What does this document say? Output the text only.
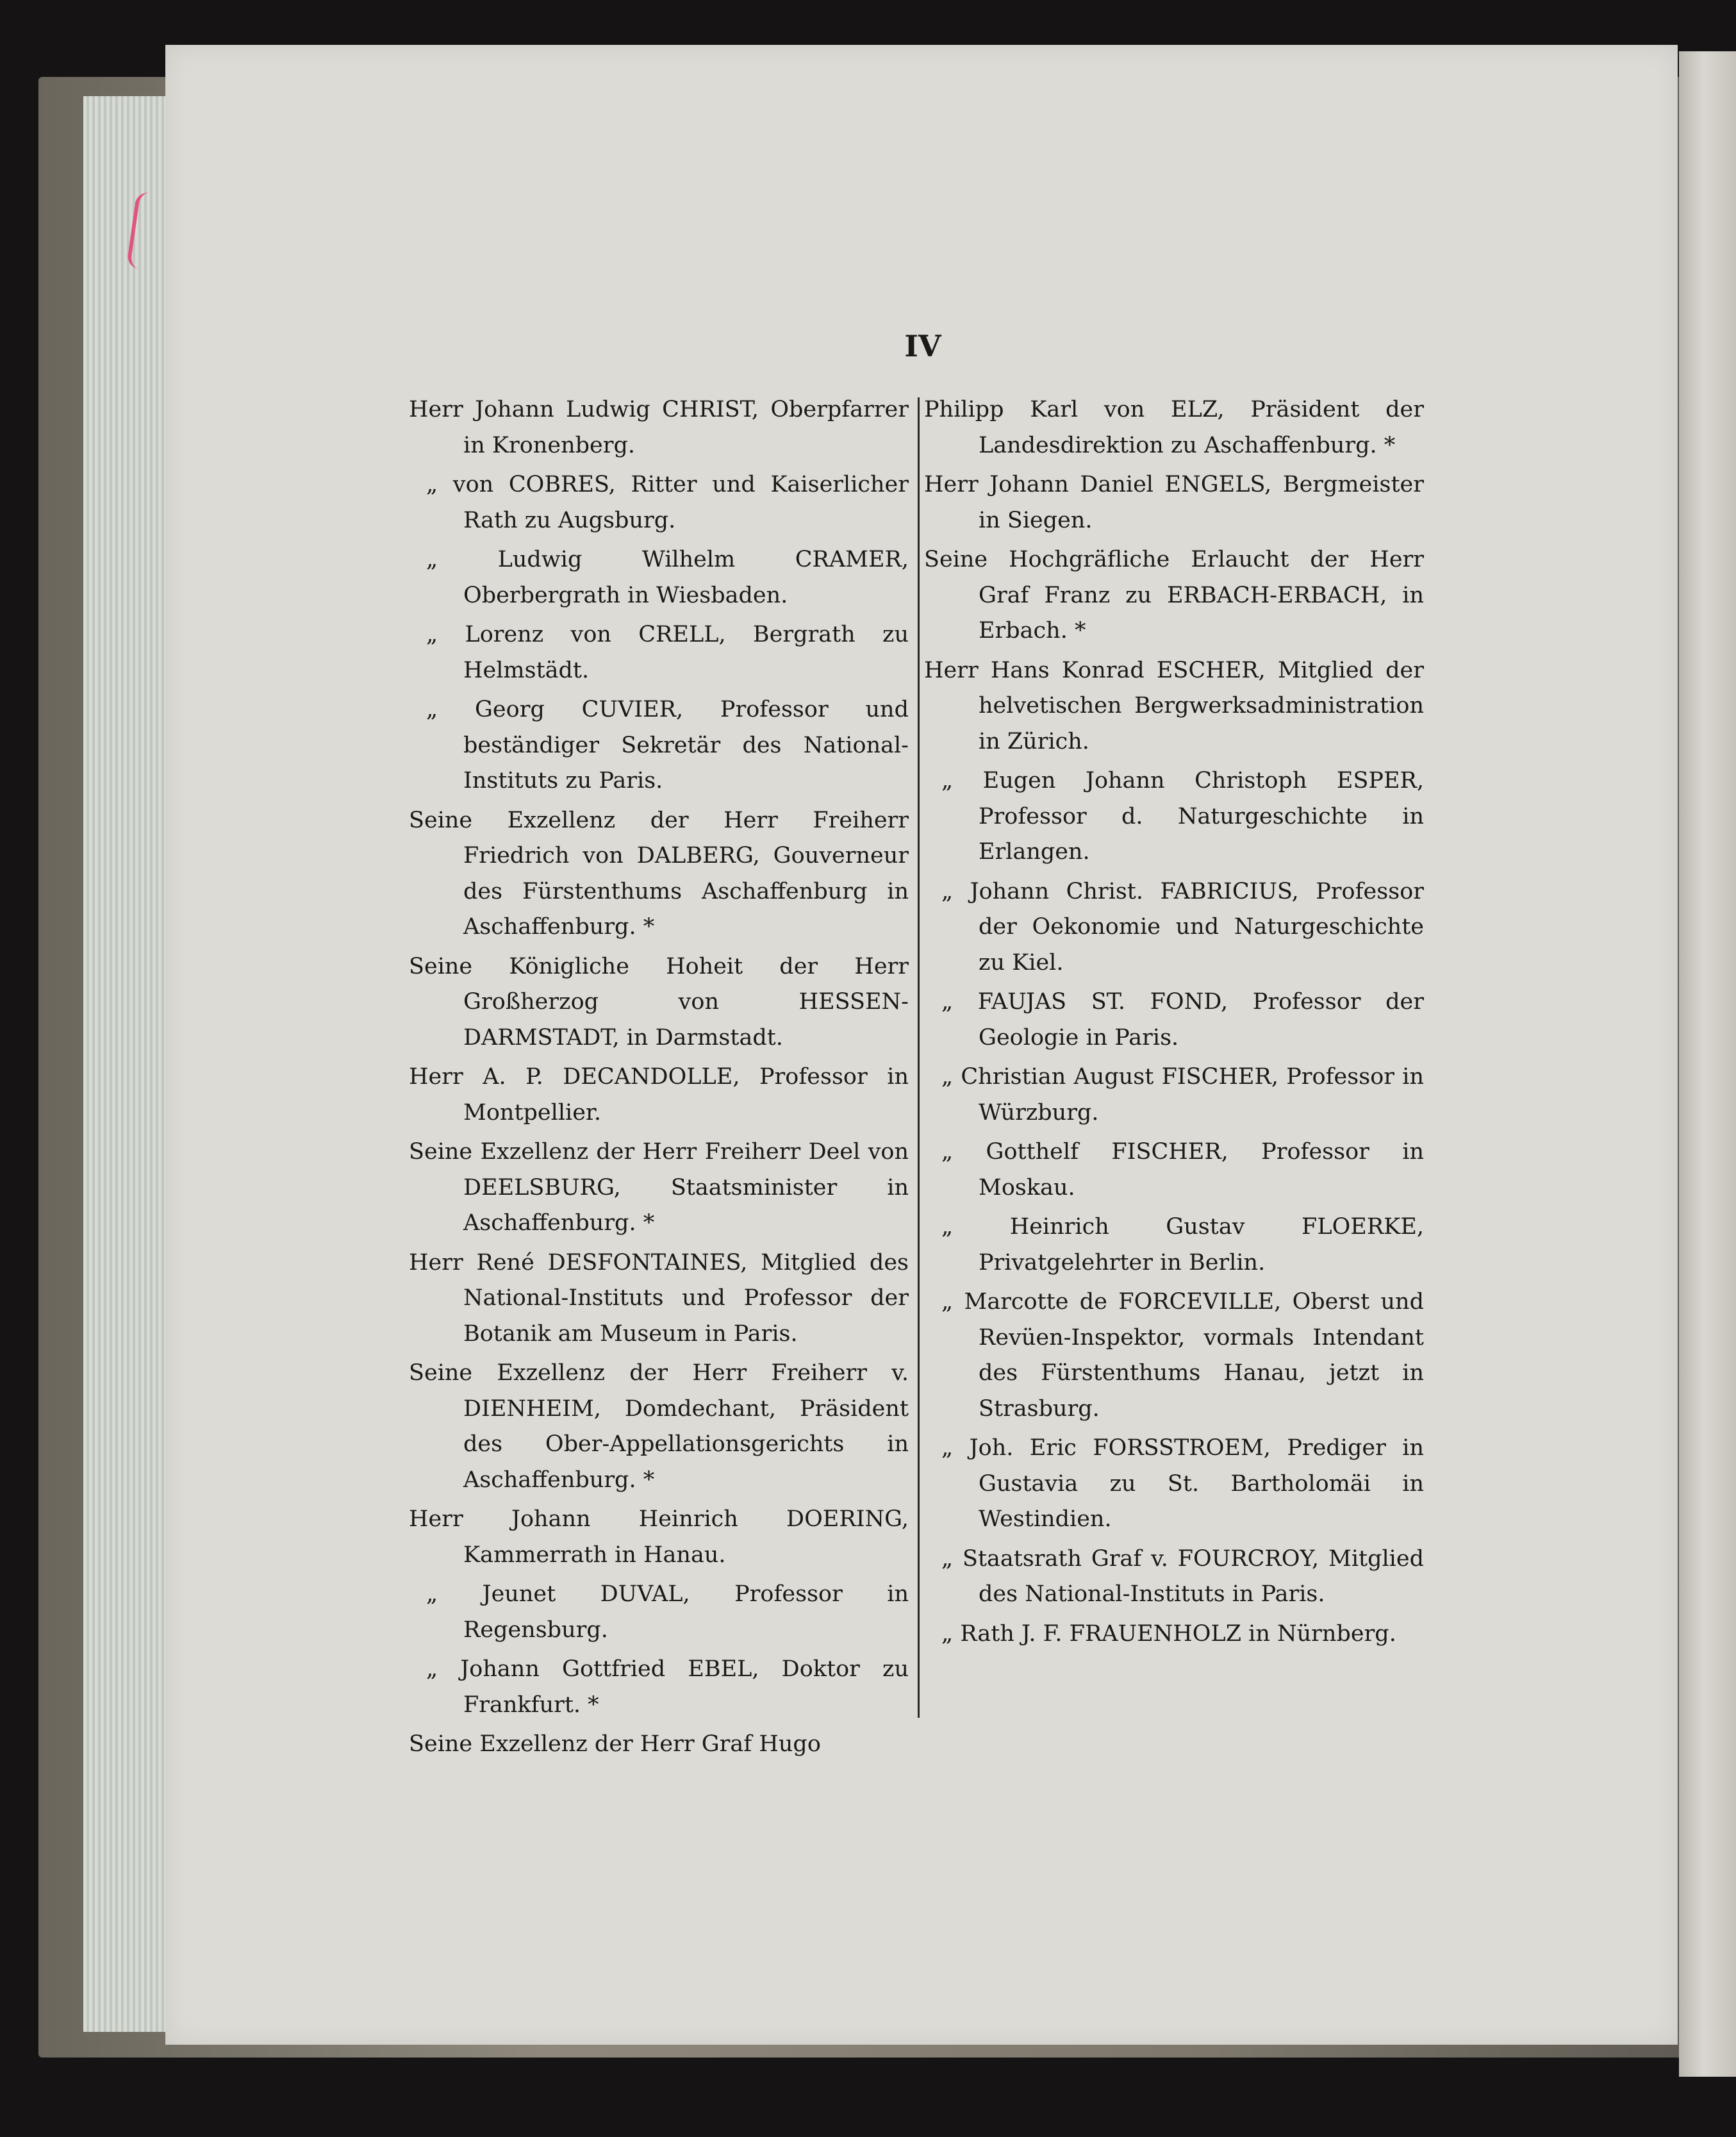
IV

Herr Johann Ludwig CHRIST, Oberpfarrer in Kronenberg.

„ von COBRES, Ritter und Kaiserlicher Rath zu Augsburg.

„ Ludwig Wilhelm CRAMER, Oberbergrath in Wiesbaden.

„ Lorenz von CRELL, Bergrath zu Helmstädt.

„ Georg CUVIER, Professor und beständiger Sekretär des National-Instituts zu Paris.

Seine Exzellenz der Herr Freiherr Friedrich von DALBERG, Gouverneur des Fürstenthums Aschaffenburg in Aschaffenburg. *

Seine Königliche Hoheit der Herr Großherzog von HESSEN-DARMSTADT, in Darmstadt.

Herr A. P. DECANDOLLE, Professor in Montpellier.

Seine Exzellenz der Herr Freiherr Deel von DEELSBURG, Staatsminister in Aschaffenburg. *

Herr René DESFONTAINES, Mitglied des National-Instituts und Professor der Botanik am Museum in Paris.

Seine Exzellenz der Herr Freiherr v. DIENHEIM, Domdechant, Präsident des Ober-Appellationsgerichts in Aschaffenburg. *

Herr Johann Heinrich DOERING, Kammerrath in Hanau.

„ Jeunet DUVAL, Professor in Regensburg.

„ Johann Gottfried EBEL, Doktor zu Frankfurt. *

Seine Exzellenz der Herr Graf Hugo

Philipp Karl von ELZ, Präsident der Landesdirektion zu Aschaffenburg. *

Herr Johann Daniel ENGELS, Bergmeister in Siegen.

Seine Hochgräfliche Erlaucht der Herr Graf Franz zu ERBACH-ERBACH, in Erbach. *

Herr Hans Konrad ESCHER, Mitglied der helvetischen Bergwerksadministration in Zürich.

„ Eugen Johann Christoph ESPER, Professor d. Naturgeschichte in Erlangen.

„ Johann Christ. FABRICIUS, Professor der Oekonomie und Naturgeschichte zu Kiel.

„ FAUJAS ST. FOND, Professor der Geologie in Paris.

„ Christian August FISCHER, Professor in Würzburg.

„ Gotthelf FISCHER, Professor in Moskau.

„ Heinrich Gustav FLOERKE, Privatgelehrter in Berlin.

„ Marcotte de FORCEVILLE, Oberst und Revüen-Inspektor, vormals Intendant des Fürstenthums Hanau, jetzt in Strasburg.

„ Joh. Eric FORSSTROEM, Prediger in Gustavia zu St. Bartholomäi in Westindien.

„ Staatsrath Graf v. FOURCROY, Mitglied des National-Instituts in Paris.

„ Rath J. F. FRAUENHOLZ in Nürnberg.
